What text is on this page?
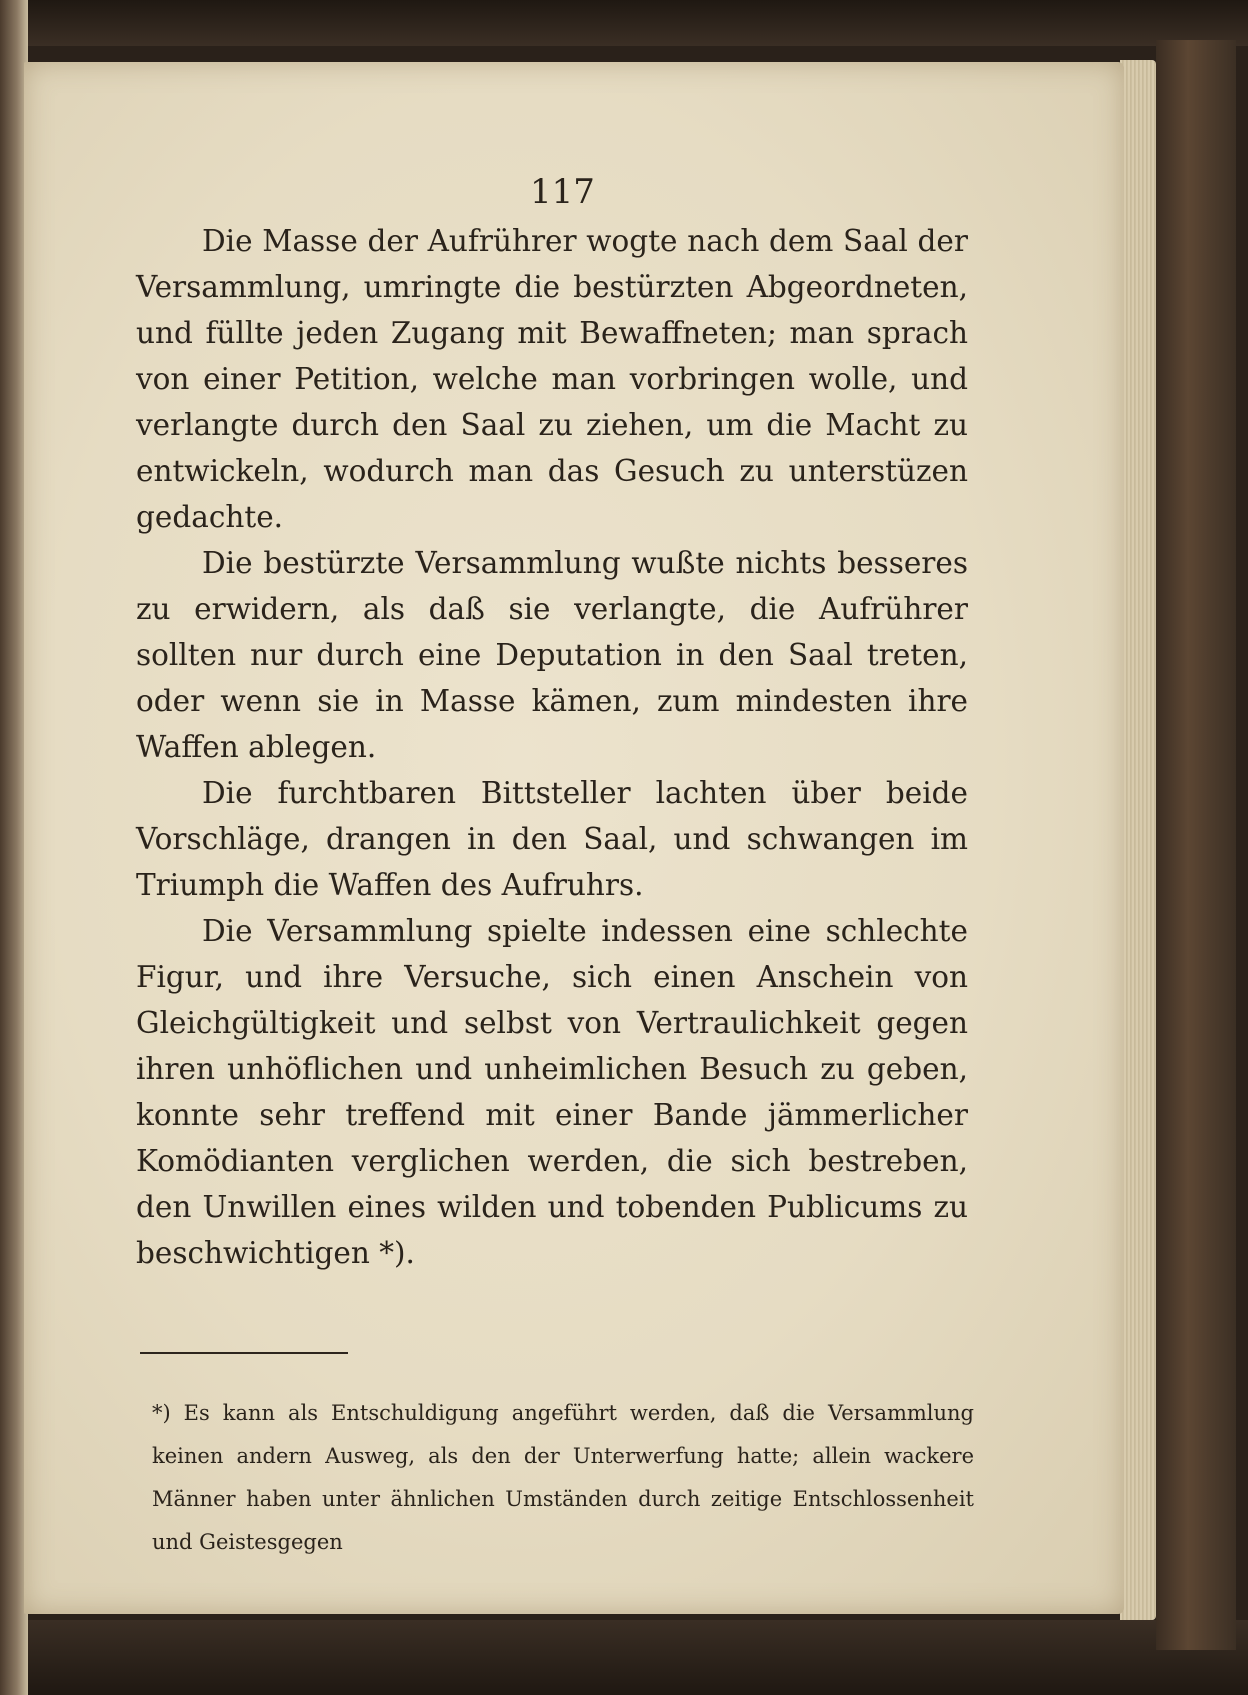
117

Die Masse der Aufrührer wogte nach dem Saal der Versammlung, umringte die bestürzten Abgeordneten, und füllte jeden Zugang mit Bewaffneten; man sprach von einer Petition, welche man vorbringen wolle, und verlangte durch den Saal zu ziehen, um die Macht zu entwickeln, wodurch man das Gesuch zu unterstüzen gedachte.

Die bestürzte Versammlung wußte nichts besseres zu erwidern, als daß sie verlangte, die Aufrührer sollten nur durch eine Deputation in den Saal treten, oder wenn sie in Masse kämen, zum mindesten ihre Waffen ablegen.

Die furchtbaren Bittsteller lachten über beide Vorschläge, drangen in den Saal, und schwangen im Triumph die Waffen des Aufruhrs.

Die Versammlung spielte indessen eine schlechte Figur, und ihre Versuche, sich einen Anschein von Gleichgültigkeit und selbst von Vertraulichkeit gegen ihren unhöflichen und unheimlichen Besuch zu geben, konnte sehr treffend mit einer Bande jämmerlicher Komödianten verglichen werden, die sich bestreben, den Unwillen eines wilden und tobenden Publicums zu beschwichtigen *).

*) Es kann als Entschuldigung angeführt werden, daß die Versammlung keinen andern Ausweg, als den der Unterwerfung hatte; allein wackere Männer haben unter ähnlichen Umständen durch zeitige Entschlossenheit und Geistesgegen
